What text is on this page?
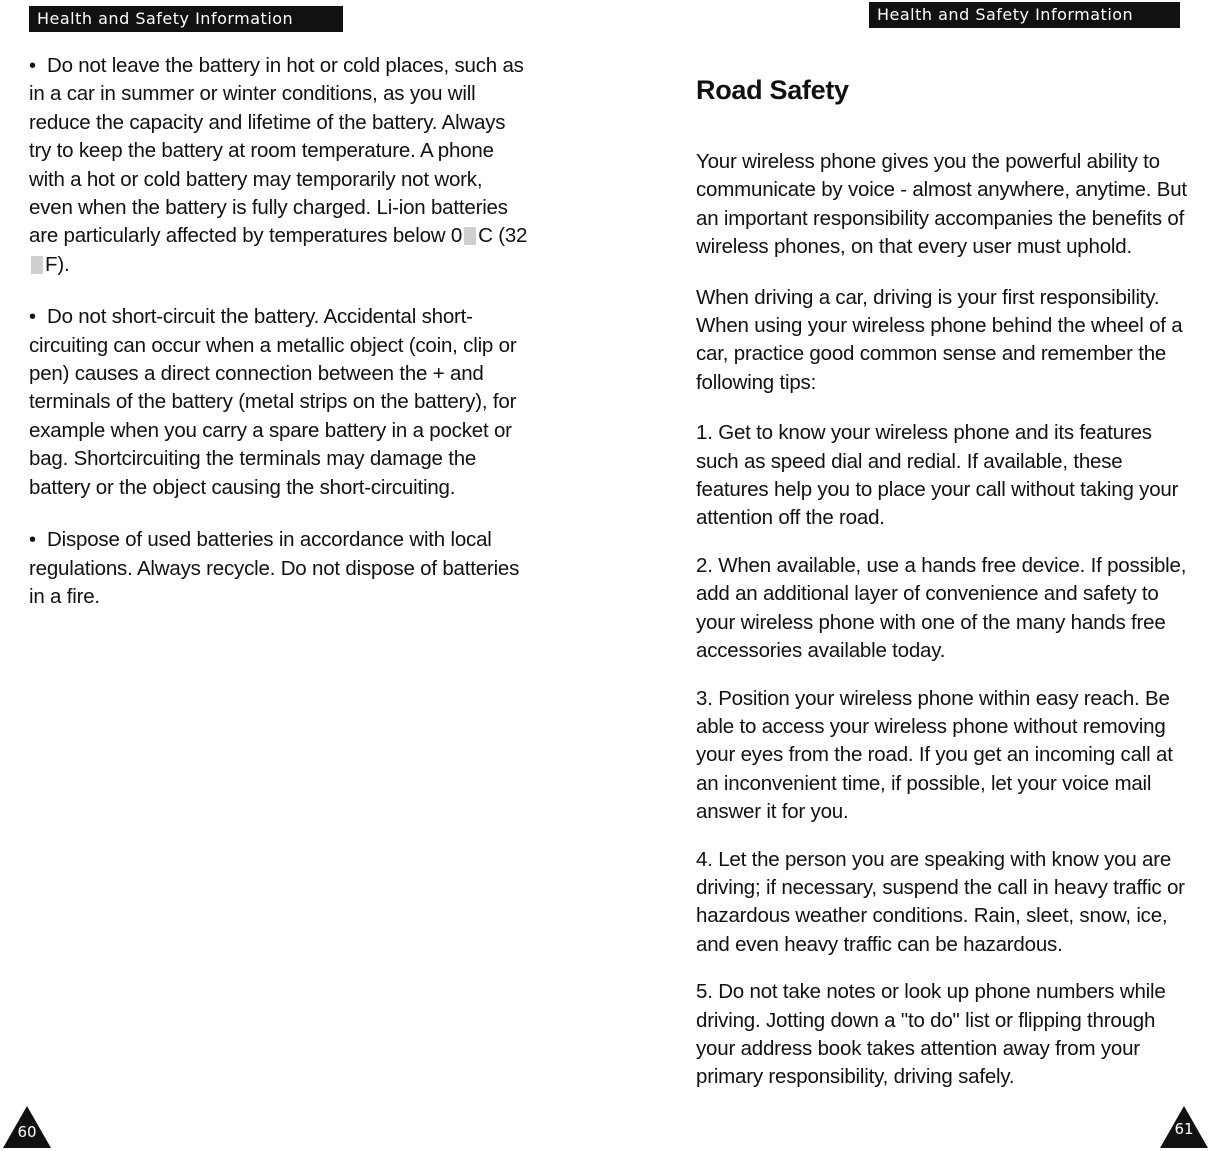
Health and Safety Information	Health and Safety Information

• Do not leave the battery in hot or cold places, such as in a car in summer or winter conditions, as you will reduce the capacity and lifetime of the battery. Always try to keep the battery at room temperature. A phone with a hot or cold battery may temporarily not work, even when the battery is fully charged. Li-ion batteries are particularly affected by temperatures below 0 C (32F).

• Do not short-circuit the battery. Accidental short-circuiting can occur when a metallic object (coin, clip or pen) causes a direct connection between the + and terminals of the battery (metal strips on the battery), for example when you carry a spare battery in a pocket or bag. Shortcircuiting the terminals may damage the battery or the object causing the short-circuiting.

• Dispose of used batteries in accordance with local regulations. Always recycle. Do not dispose of batteries in a fire.

Road Safety

Your wireless phone gives you the powerful ability to communicate by voice - almost anywhere, anytime. But an important responsibility accompanies the benefits of wireless phones, on that every user must uphold.

When driving a car, driving is your first responsibility. When using your wireless phone behind the wheel of a car, practice good common sense and remember the following tips:

1. Get to know your wireless phone and its features such as speed dial and redial. If available, these features help you to place your call without taking your attention off the road.

2. When available, use a hands free device. If possible, add an additional layer of convenience and safety to your wireless phone with one of the many hands free accessories available today.

3. Position your wireless phone within easy reach. Be able to access your wireless phone without removing your eyes from the road. If you get an incoming call at an inconvenient time, if possible, let your voice mail answer it for you.

4. Let the person you are speaking with know you are driving; if necessary, suspend the call in heavy traffic or hazardous weather conditions. Rain, sleet, snow, ice, and even heavy traffic can be hazardous.

5. Do not take notes or look up phone numbers while driving. Jotting down a "to do" list or flipping through your address book takes attention away from your primary responsibility, driving safely.

60	61
